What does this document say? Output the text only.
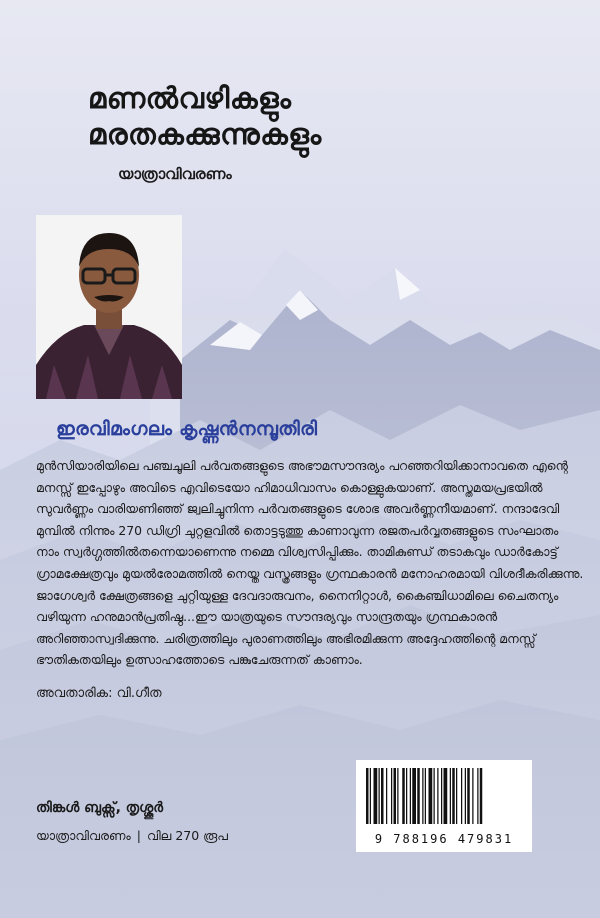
മണൽവഴികളും
മരതകക്കുന്നുകളും
യാത്രാവിവരണം
ഇരവിമംഗലം കൃഷ്ണൻനമ്പൂതിരി

മുൻസിയാരിയിലെ പഞ്ചചൂലി പർവതങ്ങളുടെ അഭൗമസൗന്ദര്യം പറഞ്ഞറിയിക്കാനാവതെ എന്റെ മനസ്സ് ഇപ്പോഴും അവിടെ എവിടെയോ ഹിമാധിവാസം കൊള്ളുകയാണ്. അസ്തമയപ്രഭയിൽ സുവർണ്ണം വാരിയണിഞ്ഞ് ജ്വലിച്ചുനിന്ന പർവതങ്ങളുടെ ശോഭ അവർണ്ണനീയമാണ്. നന്ദാദേവി മുമ്പിൽ നിന്നും 270 ഡിഗ്രി ചുറ്റളവിൽ തൊട്ടടുത്തു കാണാവുന്ന രജതപർവ്വതങ്ങളുടെ സംഘാതം നാം സ്വർഗ്ഗത്തിൽതന്നെയാണെന്നു നമ്മെ വിശ്വസിപ്പിക്കും. താമികുണ്ഡ് തടാകവും ഡാർകോട്ട് ഗ്രാമക്ഷേത്രവും മുയൽരോമത്തിൽ നെയ്ത വസ്ത്രങ്ങളും ഗ്രന്ഥകാരൻ മനോഹരമായി വിശദീകരിക്കുന്നു. ജാഗേശ്വർ ക്ഷേത്രങ്ങളെ ചുറ്റിയുള്ള ദേവദാരുവനം, നൈനിറ്റാൾ, കൈഞ്ചിധാമിലെ ചൈതന്യം വഴിയുന്ന ഹനുമാൻപ്രതിഷ്ഠ...ഈ യാത്രയുടെ സൗന്ദര്യവും സാന്ദ്രതയും ഗ്രന്ഥകാരൻ അറിഞ്ഞാസ്വദിക്കുന്നു. ചരിത്രത്തിലും പുരാണത്തിലും അഭിരമിക്കുന്ന അദ്ദേഹത്തിന്റെ മനസ്സ് ഭൗതികതയിലും ഉത്സാഹത്തോടെ പങ്കുചേരുന്നത് കാണാം.

അവതാരിക: വി.ഗീത
തിങ്കൾ ബുക്സ്, തൃശ്ശൂർ
യാത്രാവിവരണം | വില 270 രൂപ	9 788196 479831
